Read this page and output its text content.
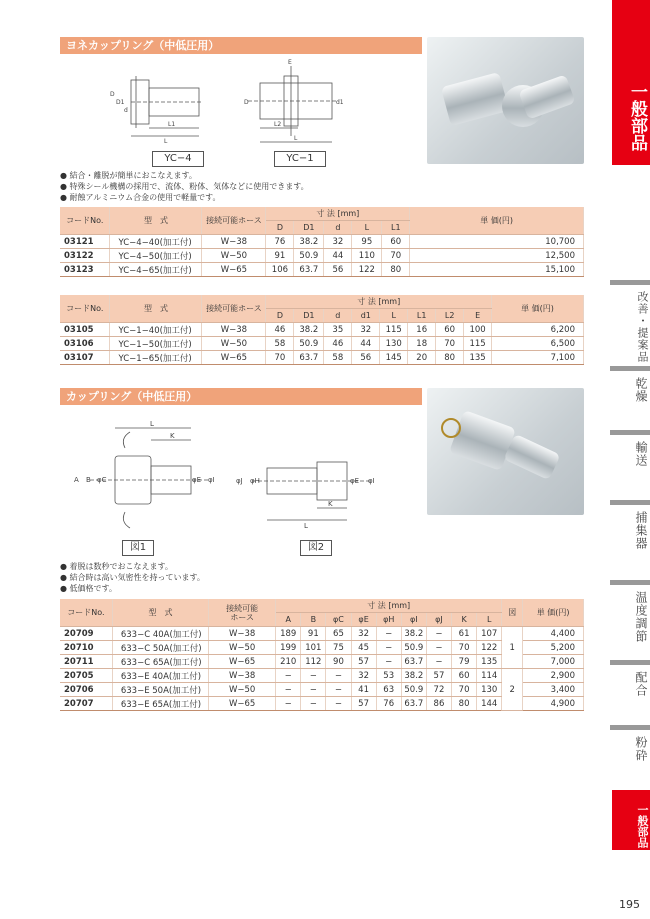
ヨネカップリング（中低圧用）
D1
d
D
L1
L
YC−4
E
D	d1
L2
L
YC−1
● 結合・離脱が簡単におこなえます。
● 特殊シール機構の採用で、流体、粉体、気体などに使用できます。
● 耐蝕アルミニウム合金の使用で軽量です。
コードNo.	型　式	接続可能ホース	寸 法 [mm]					単 価(円)
			D	D1	d	L	L1	
03121	YC−4−40(加工付)	W−38	76	38.2	32	95	60	10,700
03122	YC−4−50(加工付)	W−50	91	50.9	44	110	70	12,500
03123	YC−4−65(加工付)	W−65	106	63.7	56	122	80	15,100
コードNo.	型　式	接続可能ホース	寸 法 [mm]								単 価(円)
			D	D1	d	d1	L	L1	L2	E	
03105	YC−1−40(加工付)	W−38	46	38.2	35	32	115	16	60	100	6,200
03106	YC−1−50(加工付)	W−50	58	50.9	46	44	130	18	70	115	6,500
03107	YC−1−65(加工付)	W−65	70	63.7	58	56	145	20	80	135	7,100
カップリング（中低圧用）
A B φC	φE φI
L
K
図1
φJ φH	φE φI
K
L
図2
● 着脱は数秒でおこなえます。
● 結合時は高い気密性を持っています。
● 低価格です。
コードNo.	型　式	接続可能
ホース	寸 法 [mm]									図	単 価(円)
			A	B	φC	φE	φH	φI	φJ	K	L		
20709	633−C 40A(加工付)	W−38	189	91	65	32	−	38.2	−	61	107	1	4,400
20710	633−C 50A(加工付)	W−50	199	101	75	45	−	50.9	−	70	122		5,200
20711	633−C 65A(加工付)	W−65	210	112	90	57	−	63.7	−	79	135		7,000
20705	633−E 40A(加工付)	W−38	−	−	−	32	53	38.2	57	60	114	2	2,900
20706	633−E 50A(加工付)	W−50	−	−	−	41	63	50.9	72	70	130		3,400
20707	633−E 65A(加工付)	W−65	−	−	−	57	76	63.7	86	80	144		4,900
一般部品
改善・提案品
乾燥
輸送
捕集器
温度調節
配合
粉砕
一般部品
195
